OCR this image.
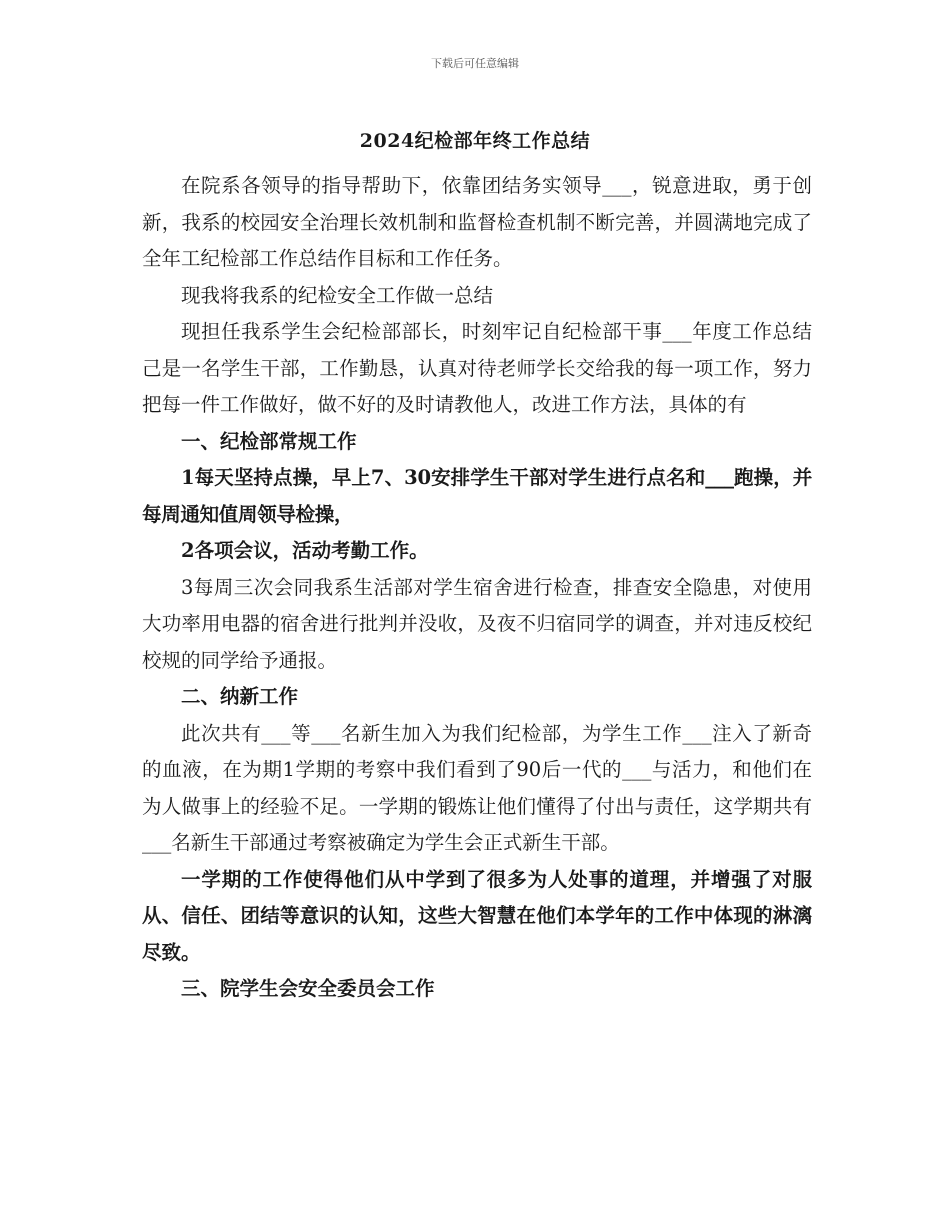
下载后可任意编辑
2024纪检部年终工作总结

在院系各领导的指导帮助下，依靠团结务实领导___，锐意进取，勇于创新，我系的校园安全治理长效机制和监督检查机制不断完善，并圆满地完成了全年工纪检部工作总结作目标和工作任务。

现我将我系的纪检安全工作做一总结

现担任我系学生会纪检部部长，时刻牢记自纪检部干事___年度工作总结己是一名学生干部，工作勤恳，认真对待老师学长交给我的每一项工作，努力把每一件工作做好，做不好的及时请教他人，改进工作方法，具体的有

一、纪检部常规工作

1每天坚持点操，早上7、30安排学生干部对学生进行点名和___跑操，并每周通知值周领导检操，

2各项会议，活动考勤工作。

3每周三次会同我系生活部对学生宿舍进行检查，排查安全隐患，对使用大功率用电器的宿舍进行批判并没收，及夜不归宿同学的调查，并对违反校纪校规的同学给予通报。

二、纳新工作

此次共有___等___名新生加入为我们纪检部，为学生工作___注入了新奇的血液，在为期1学期的考察中我们看到了90后一代的___与活力，和他们在为人做事上的经验不足。一学期的锻炼让他们懂得了付出与责任，这学期共有___名新生干部通过考察被确定为学生会正式新生干部。

一学期的工作使得他们从中学到了很多为人处事的道理，并增强了对服从、信任、团结等意识的认知，这些大智慧在他们本学年的工作中体现的淋漓尽致。

三、院学生会安全委员会工作
